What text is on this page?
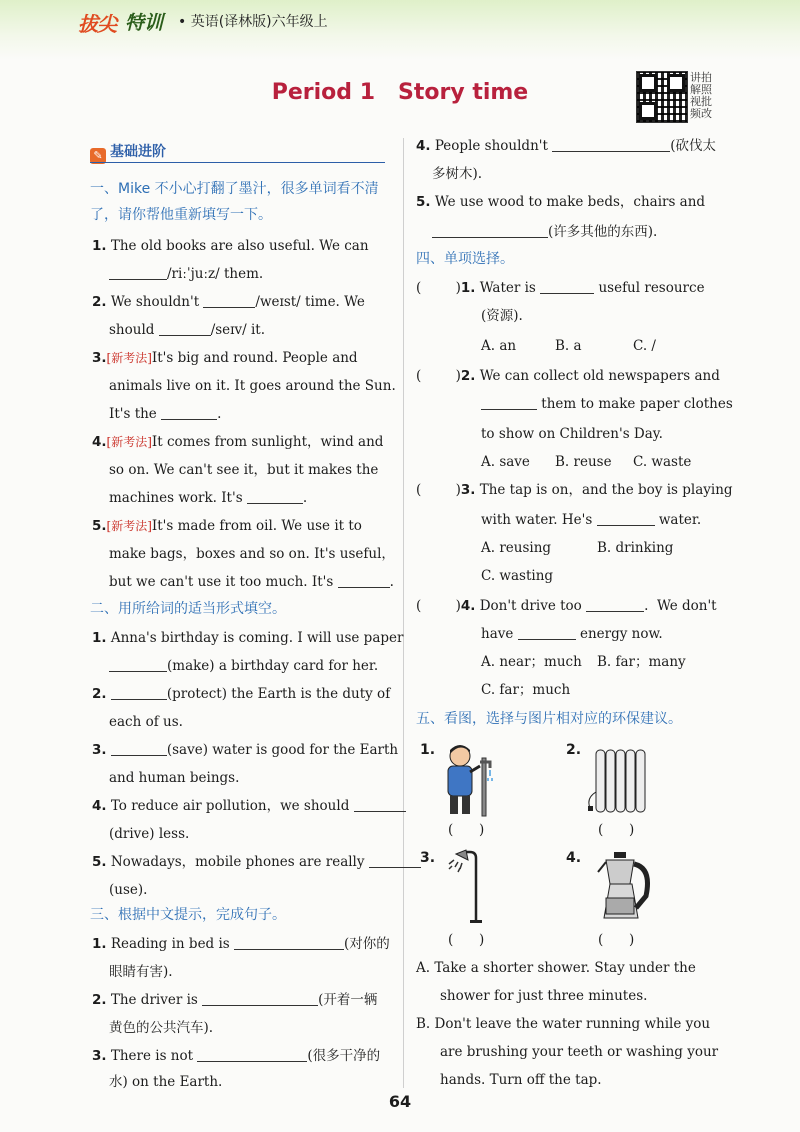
拔尖 特训 • 英语(译林版)六年级上
Period 1   Story time
讲拍
解照
视批
频改
✎ 基础进阶
一、Mike 不小心打翻了墨汁，很多单词看不清
了，请你帮他重新填写一下。
1. The old books are also useful. We can
/riːˈjuːz/ them.
2. We shouldn't	/weɪst/ time. We
should	/seɪv/ it.
3.[新考法]It's big and round. People and
animals live on it. It goes around the Sun.
It's the	.
4.[新考法]It comes from sunlight，wind and
so on. We can't see it，but it makes the
machines work. It's	.
5.[新考法]It's made from oil. We use it to
make bags，boxes and so on. It's useful，
but we can't use it too much. It's	.
二、用所给词的适当形式填空。
1. Anna's birthday is coming. I will use paper
(make) a birthday card for her.
2.	(protect) the Earth is the duty of
each of us.
3.	(save) water is good for the Earth
and human beings.
4. To reduce air pollution，we should
(drive) less.
5. Nowadays，mobile phones are really
(use).
三、根据中文提示，完成句子。
1. Reading in bed is	(对你的
眼睛有害).
2. The driver is	(开着一辆
黄色的公共汽车).
3. There is not	(很多干净的
水) on the Earth.
4. People shouldn't	(砍伐太
多树木).
5. We use wood to make beds，chairs and
(许多其他的东西).
四、单项选择。
(        )1. Water is	useful resource
(资源).
A. an	B. a	C. /
(        )2. We can collect old newspapers and
them to make paper clothes
to show on Children's Day.
A. save B. reuse C. waste
(        )3. The tap is on，and the boy is playing
with water. He's	water.
A. reusing	B. drinking
C. wasting
(        )4. Don't drive too	.  We don't
have	energy now.
A. near；much B. far；many
C. far；much
五、看图，选择与图片相对应的环保建议。
1.	2.
3.	4.
(      )	(      )
(      )	(      )
A. Take a shorter shower. Stay under the
shower for just three minutes.
B. Don't leave the water running while you
are brushing your teeth or washing your
hands. Turn off the tap.
64
